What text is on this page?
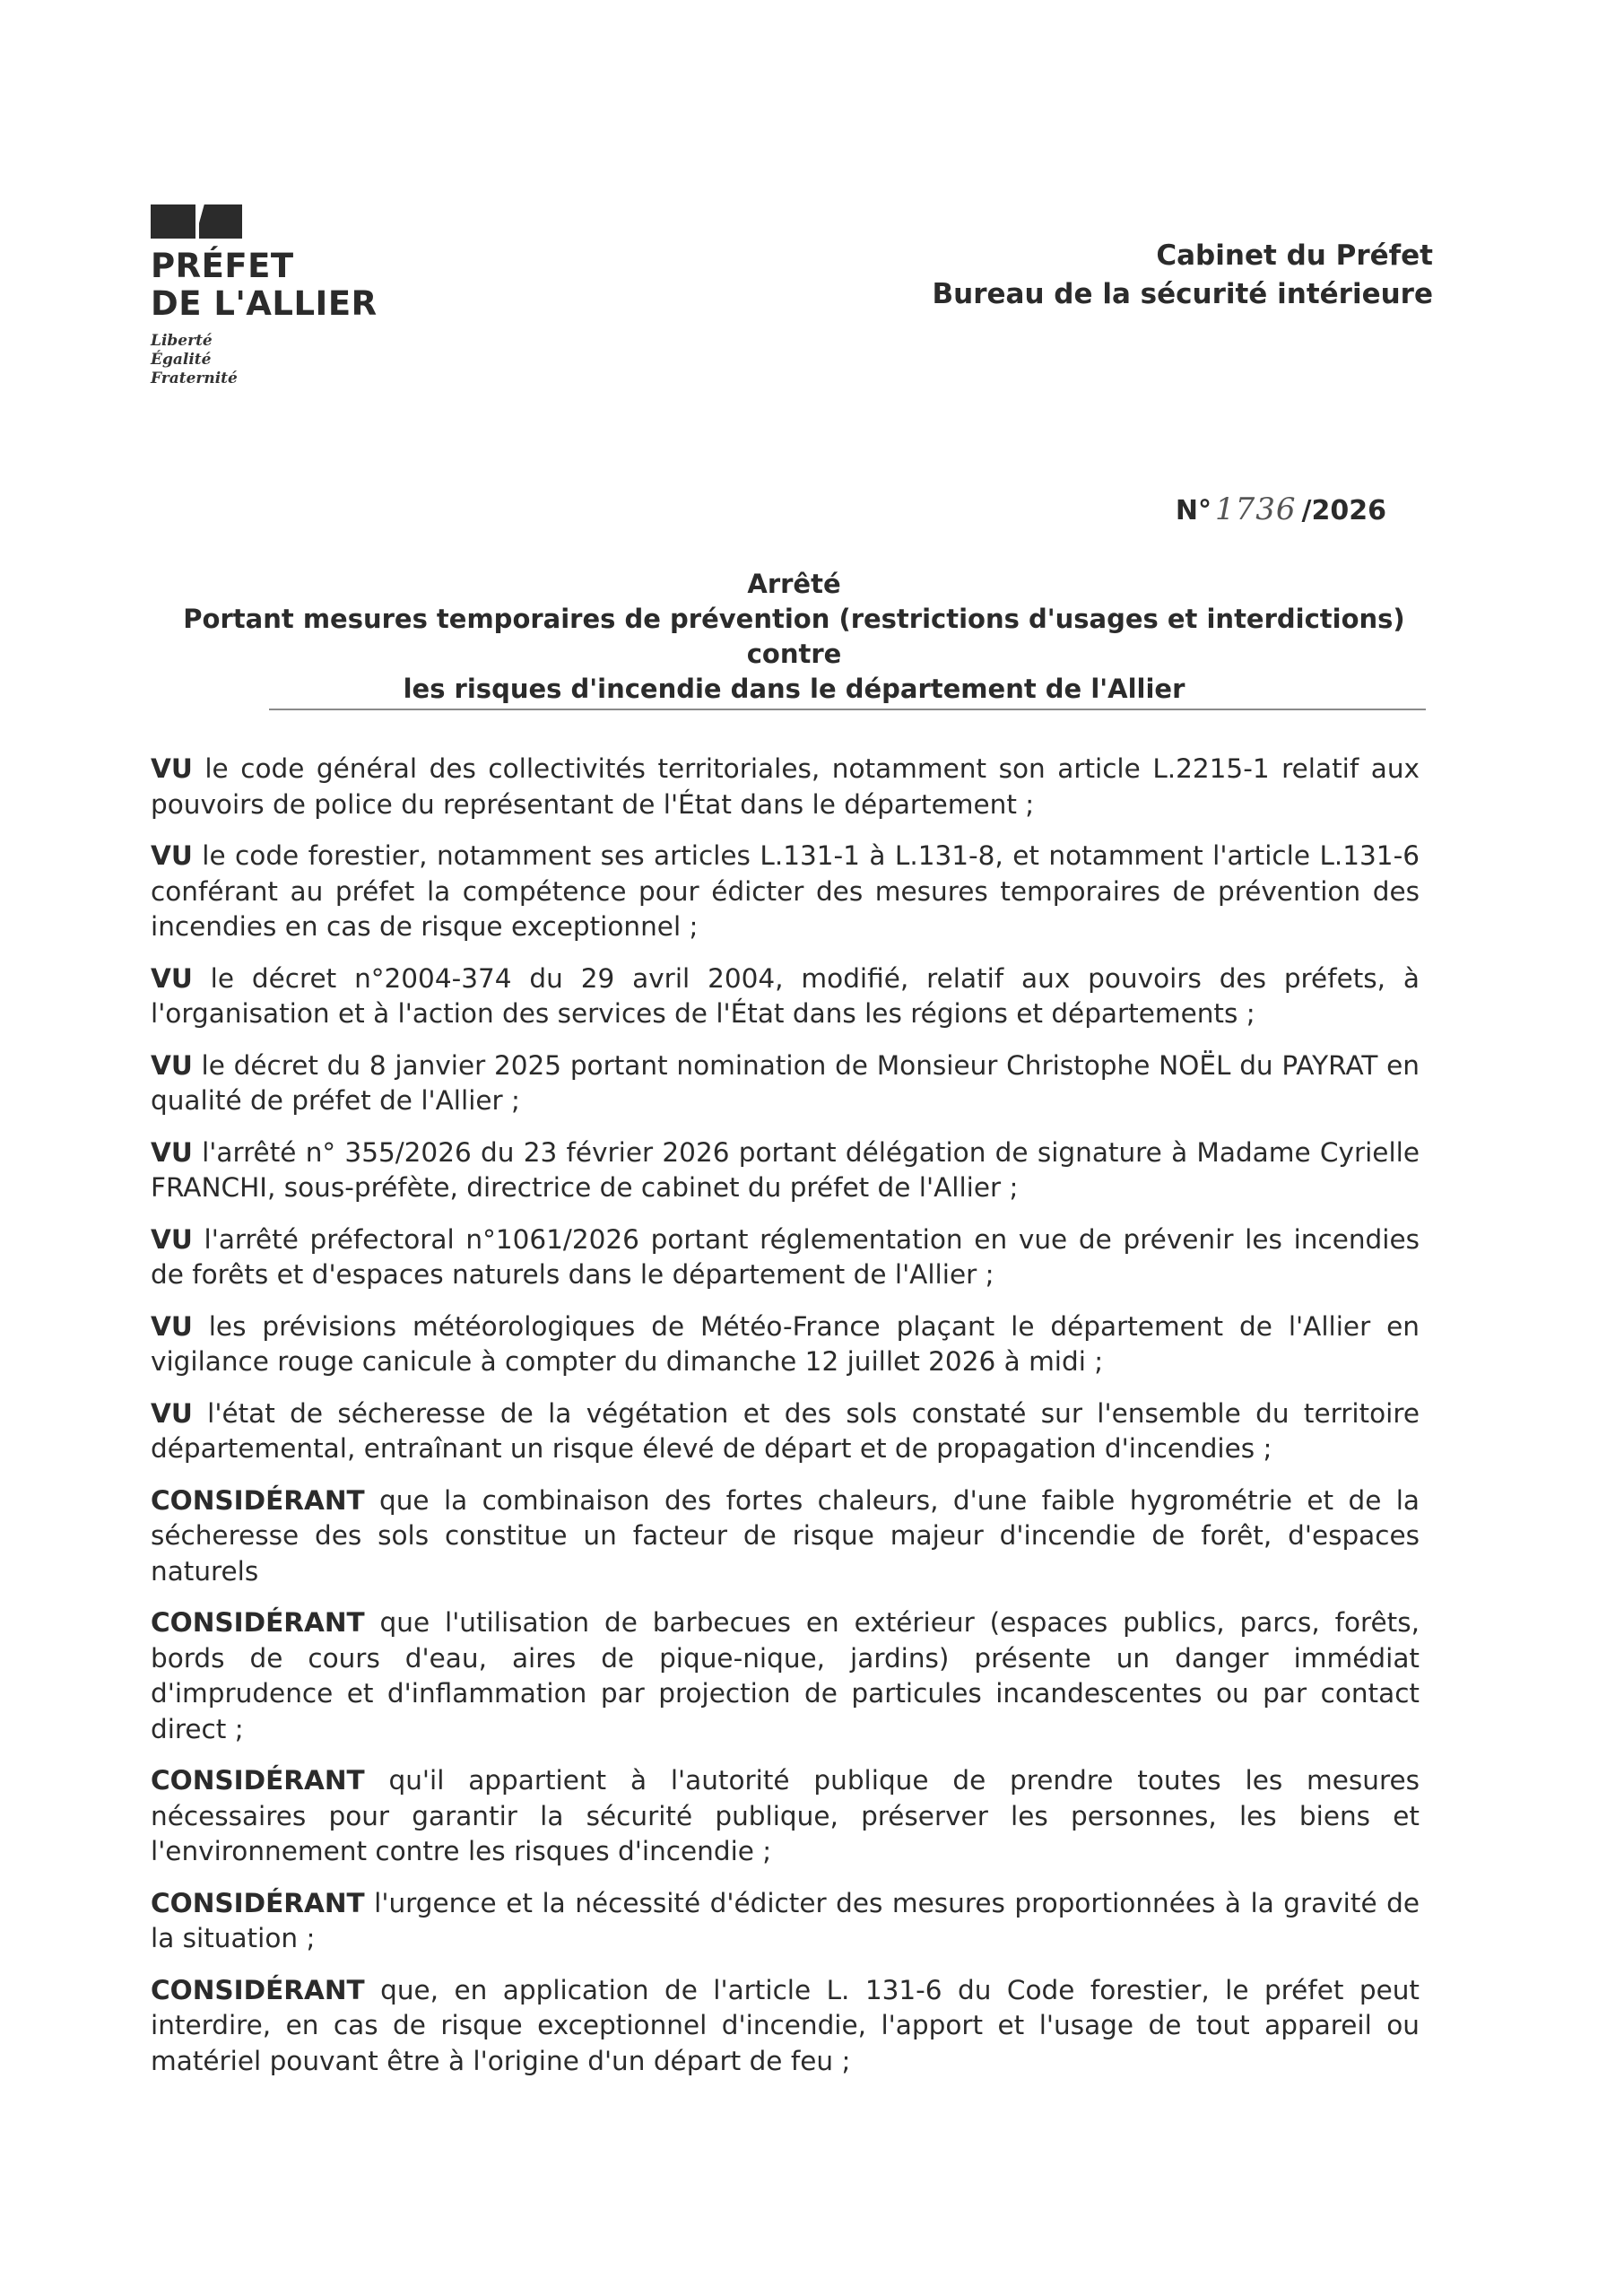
PRÉFET
DE L'ALLIER
Liberté
Égalité
Fraternité
Cabinet du Préfet
Bureau de la sécurité intérieure
N° 1736 /2026
Arrêté
Portant mesures temporaires de prévention (restrictions d'usages et interdictions) contre
les risques d'incendie dans le département de l'Allier

VU le code général des collectivités territoriales, notamment son article L.2215-1 relatif aux pouvoirs de police du représentant de l'État dans le département ;

VU le code forestier, notamment ses articles L.131-1 à L.131-8, et notamment l'article L.131-6 conférant au préfet la compétence pour édicter des mesures temporaires de prévention des incendies en cas de risque exceptionnel ;

VU le décret n°2004-374 du 29 avril 2004, modifié, relatif aux pouvoirs des préfets, à l'organisation et à l'action des services de l'État dans les régions et départements ;

VU le décret du 8 janvier 2025 portant nomination de Monsieur Christophe NOËL du PAYRAT en qualité de préfet de l'Allier ;

VU l'arrêté n° 355/2026 du 23 février 2026 portant délégation de signature à Madame Cyrielle FRANCHI, sous-préfète, directrice de cabinet du préfet de l'Allier ;

VU l'arrêté préfectoral n°1061/2026 portant réglementation en vue de prévenir les incendies de forêts et d'espaces naturels dans le département de l'Allier ;

VU les prévisions météorologiques de Météo-France plaçant le département de l'Allier en vigilance rouge canicule à compter du dimanche 12 juillet 2026 à midi ;

VU l'état de sécheresse de la végétation et des sols constaté sur l'ensemble du territoire départemental, entraînant un risque élevé de départ et de propagation d'incendies ;

CONSIDÉRANT que la combinaison des fortes chaleurs, d'une faible hygrométrie et de la sécheresse des sols constitue un facteur de risque majeur d'incendie de forêt, d'espaces naturels

CONSIDÉRANT que l'utilisation de barbecues en extérieur (espaces publics, parcs, forêts, bords de cours d'eau, aires de pique-nique, jardins) présente un danger immédiat d'imprudence et d'inflammation par projection de particules incandescentes ou par contact direct ;

CONSIDÉRANT qu'il appartient à l'autorité publique de prendre toutes les mesures nécessaires pour garantir la sécurité publique, préserver les personnes, les biens et l'environnement contre les risques d'incendie ;

CONSIDÉRANT l'urgence et la nécessité d'édicter des mesures proportionnées à la gravité de la situation ;

CONSIDÉRANT que, en application de l'article L. 131-6 du Code forestier, le préfet peut interdire, en cas de risque exceptionnel d'incendie, l'apport et l'usage de tout appareil ou matériel pouvant être à l'origine d'un départ de feu ;
